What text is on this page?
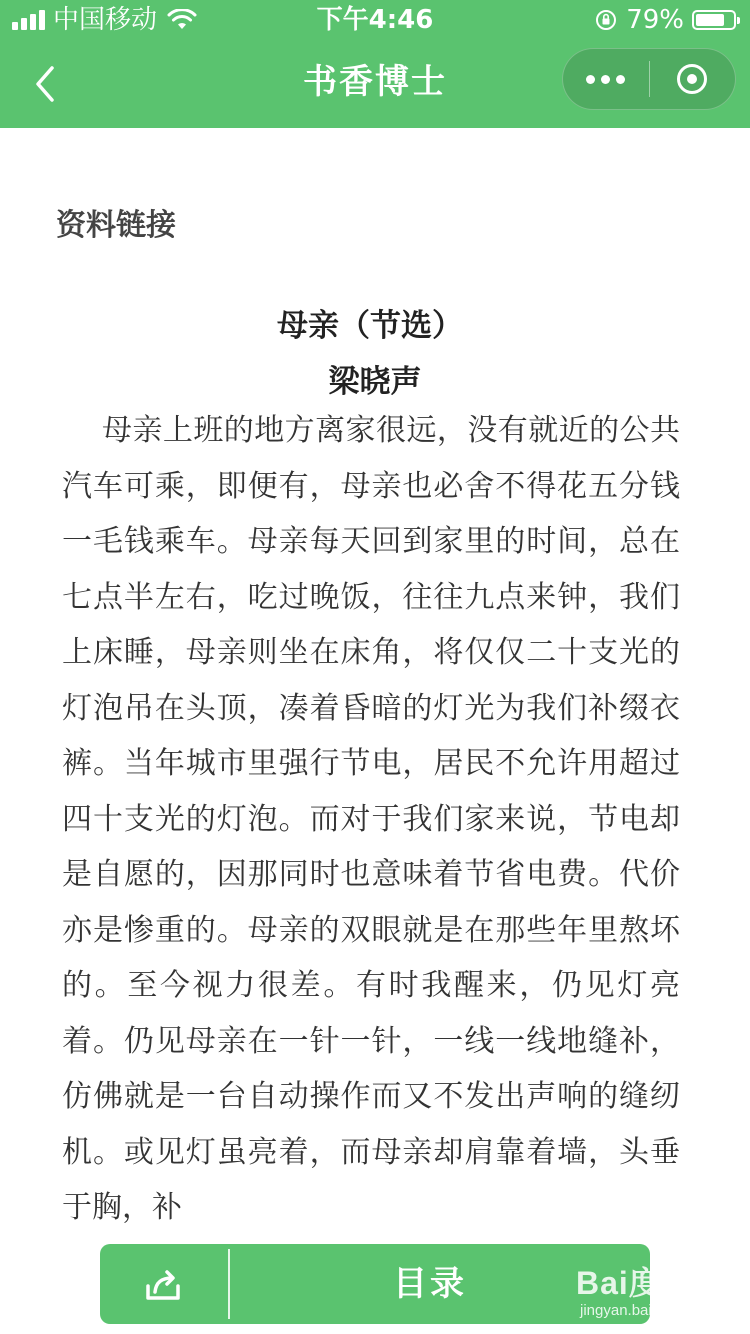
中国移动	下午4:46	79%
书香博士
资料链接
母亲（节选）
梁晓声

母亲上班的地方离家很远，没有就近的公共汽车可乘，即便有，母亲也必舍不得花五分钱一毛钱乘车。母亲每天回到家里的时间，总在七点半左右，吃过晚饭，往往九点来钟，我们上床睡，母亲则坐在床角，将仅仅二十支光的灯泡吊在头顶，凑着昏暗的灯光为我们补缀衣裤。当年城市里强行节电，居民不允许用超过四十支光的灯泡。而对于我们家来说，节电却是自愿的，因那同时也意味着节省电费。代价亦是惨重的。母亲的双眼就是在那些年里熬坏的。至今视力很差。有时我醒来，仍见灯亮着。仍见母亲在一针一针，一线一线地缝补，仿佛就是一台自动操作而又不发出声响的缝纫机。或见灯虽亮着，而母亲却肩靠着墙，头垂于胸，补

目录	Bai度经验
jingyan.baidu.com
